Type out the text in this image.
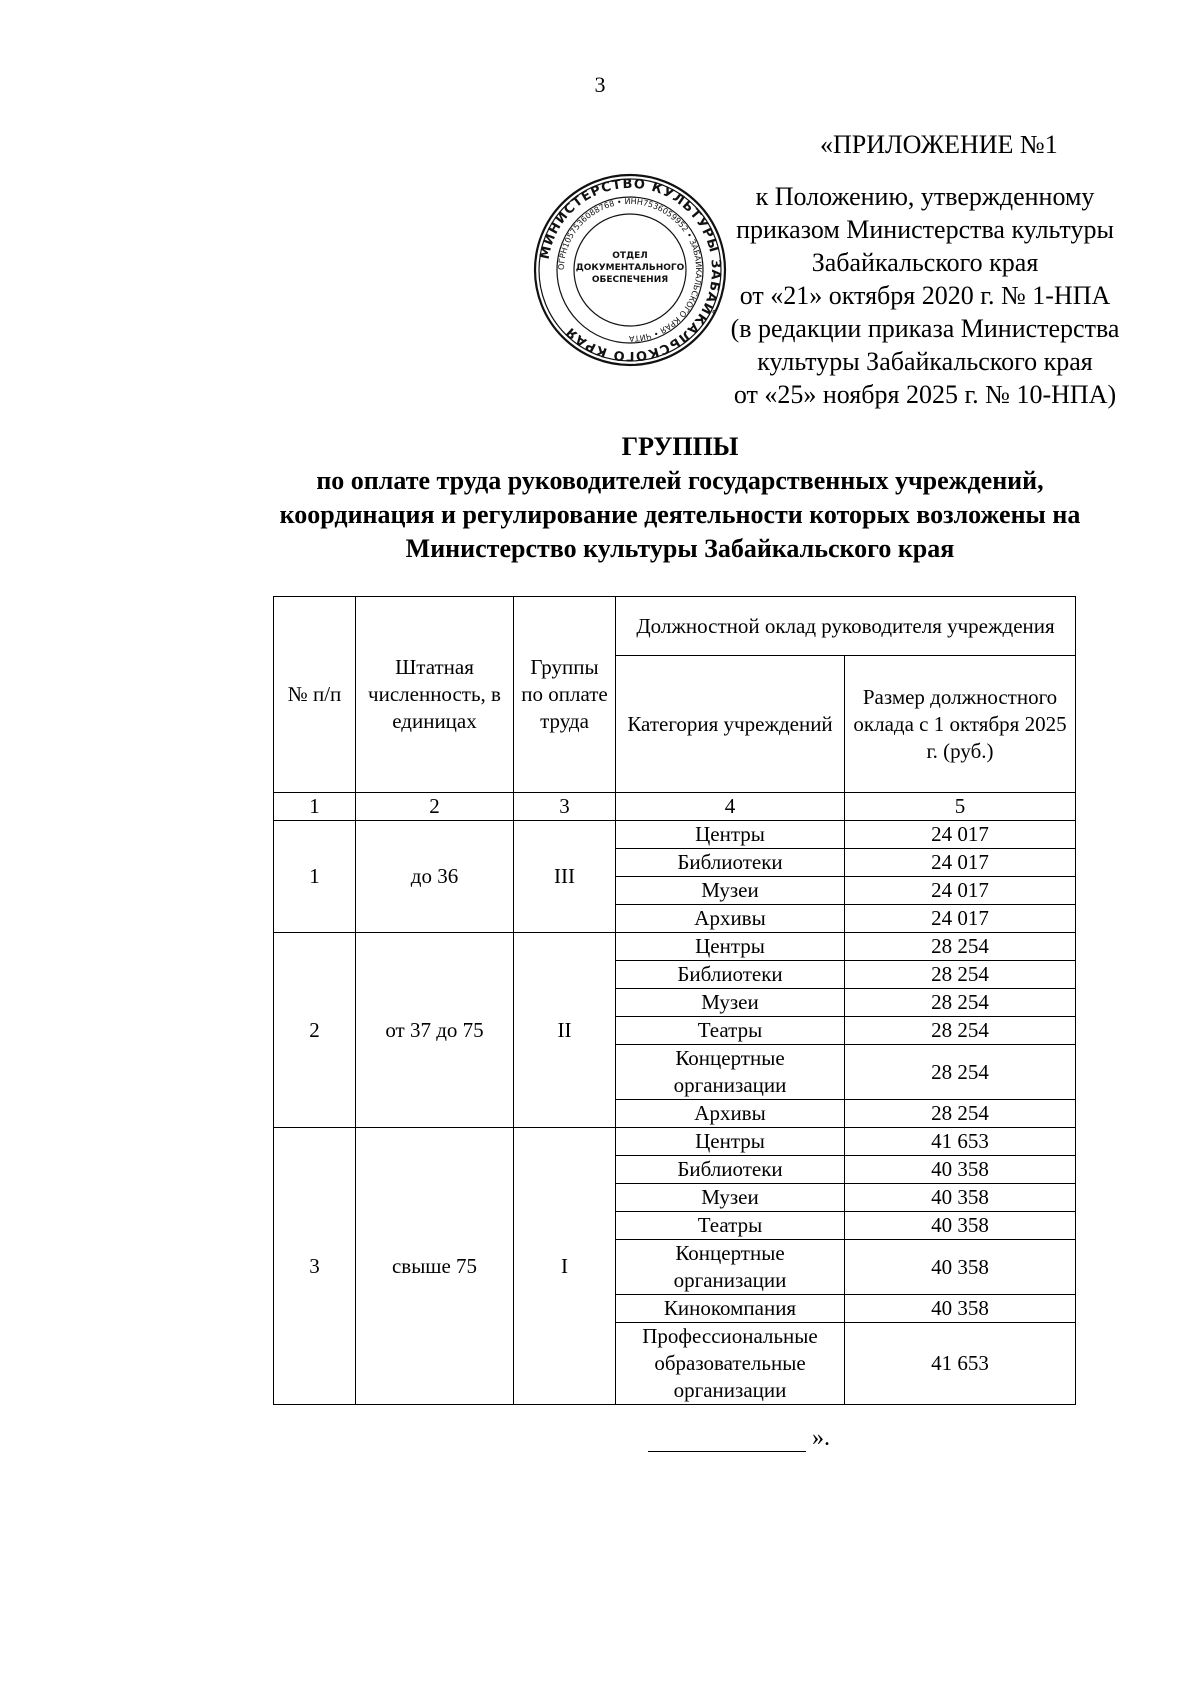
3
«ПРИЛОЖЕНИЕ №1
к Положению, утвержденному
приказом Министерства культуры
Забайкальского края
от «21» октября 2020 г. № 1-НПА
(в редакции приказа Министерства
культуры Забайкальского края
от «25» ноября 2025 г. № 10-НПА)
МИНИСТЕРСТВО КУЛЬТУРЫ ЗАБАЙКАЛЬСКОГО КРАЯ
ОГРН1057536088768 • ИНН7536059952 • ЗАБАЙКАЛЬСКОГО КРАЯ • ЧИТА
ОТДЕЛ
ДОКУМЕНТАЛЬНОГО
ОБЕСПЕЧЕНИЯ
ГРУППЫ
по оплате труда руководителей государственных учреждений,
координация и регулирование деятельности которых возложены на
Министерство культуры Забайкальского края
№ п/п	Штатная численность, в единицах	Группы по оплате труда	Должностной оклад руководителя учреждения	
			Категория учреждений	Размер должностного оклада с 1 октября 2025 г. (руб.)
1	2	3	4	5
1	до 36	III	Центры	24 017
			Библиотеки	24 017
			Музеи	24 017
			Архивы	24 017
2	от 37 до 75	II	Центры	28 254
			Библиотеки	28 254
			Музеи	28 254
			Театры	28 254
			Концертные организации	28 254
			Архивы	28 254
3	свыше 75	I	Центры	41 653
			Библиотеки	40 358
			Музеи	40 358
			Театры	40 358
			Концертные организации	40 358
			Кинокомпания	40 358
			Профессиональные образовательные организации	41 653
».
